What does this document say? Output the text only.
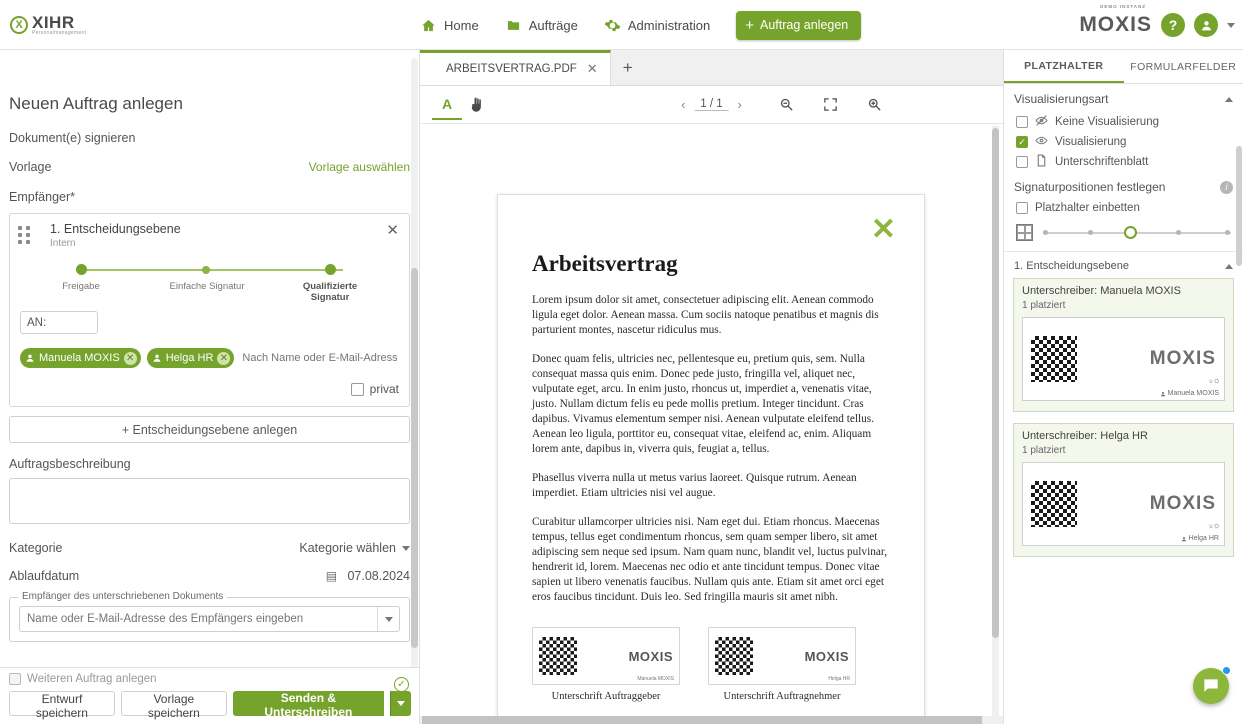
X XIHR
Personalmanagement	Home	Aufträge	Administration + Auftrag anlegen
DEMO INSTANZ
MOXIS	?
Neuen Auftrag anlegen
Dokument(e) signieren
Vorlage	Vorlage auswählen
Empfänger*
1. Entscheidungsebene
Intern
✕
Freigabe	Einfache Signatur	Qualifizierte Signatur
AN:
Manuela MOXIS ✕	Helga HR ✕
Nach Name oder E-Mail-Adresse des ...
privat
+ Entscheidungsebene anlegen
Auftragsbeschreibung
Kategorie	Kategorie wählen
Ablaufdatum	▤ 07.08.2024
Empfänger des unterschriebenen Dokuments
Name oder E-Mail-Adresse des Empfängers eingeben
Weiteren Auftrag anlegen	✓
Entwurf speichern
Vorlage speichern
Senden & Unterschreiben
ARBEITSVERTRAG.PDF ✕	+
A	‹	1 / 1	›
✕
Arbeitsvertrag

Lorem ipsum dolor sit amet, consectetuer adipiscing elit. Aenean commodo ligula eget dolor. Aenean massa. Cum sociis natoque penatibus et magnis dis parturient montes, nascetur ridiculus mus.

Donec quam felis, ultricies nec, pellentesque eu, pretium quis, sem. Nulla consequat massa quis enim. Donec pede justo, fringilla vel, aliquet nec, vulputate eget, arcu. In enim justo, rhoncus ut, imperdiet a, venenatis vitae, justo. Nullam dictum felis eu pede mollis pretium. Integer tincidunt. Cras dapibus. Vivamus elementum semper nisi. Aenean vulputate eleifend tellus. Aenean leo ligula, porttitor eu, consequat vitae, eleifend ac, enim. Aliquam lorem ante, dapibus in, viverra quis, feugiat a, tellus.

Phasellus viverra nulla ut metus varius laoreet. Quisque rutrum. Aenean imperdiet. Etiam ultricies nisi vel augue.

Curabitur ullamcorper ultricies nisi. Nam eget dui. Etiam rhoncus. Maecenas tempus, tellus eget condimentum rhoncus, sem quam semper libero, sit amet adipiscing sem neque sed ipsum. Nam quam nunc, blandit vel, luctus pulvinar, hendrerit id, lorem. Maecenas nec odio et ante tincidunt tempus. Donec vitae sapien ut libero venenatis faucibus. Nullam quis ante. Etiam sit amet orci eget eros faucibus tincidunt. Duis leo. Sed fringilla mauris sit amet nibh.

MOXIS
Manuela MOXIS
Unterschrift Auftraggeber
MOXIS
Helga HR
Unterschrift Auftragnehmer
PLATZHALTER	FORMULARFELDER
Visualisierungsart
Keine Visualisierung
✓	Visualisierung
Unterschriftenblatt
Signaturpositionen festlegen	i
Platzhalter einbetten
1. Entscheidungsebene
Unterschreiber: Manuela MOXIS
1 platziert
MOXIS
u ⛭
Manuela MOXIS
Unterschreiber: Helga HR
1 platziert
MOXIS
u ⛭
Helga HR
